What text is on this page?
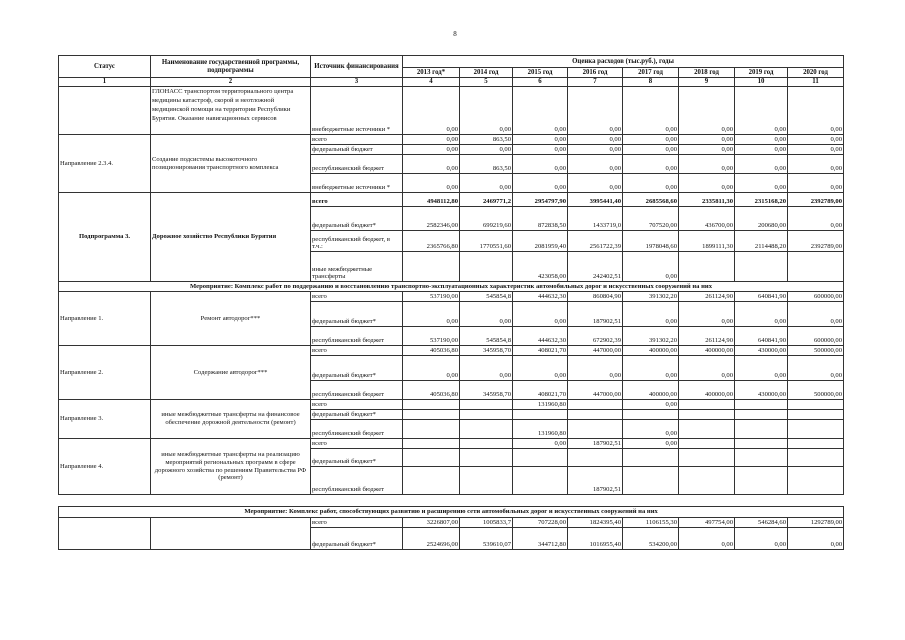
8
Статус	Наименование государственной программы, подпрограммы	Источник финансирования	Оценка расходов (тыс.руб.), годы							
			2013 год*	2014 год	2015 год	2016 год	2017 год	2018 год	2019 год	2020 год
1	2	3	4	5	6	7	8	9	10	11
	ГЛОНАСС транспортом территориального центра медицины катастроф, скорой и неотложной медицинской помощи на территории Республики Бурятия. Оказание навигационных сервисов	внебюджетные источники *	0,00	0,00	0,00	0,00	0,00	0,00	0,00	0,00
Направление 2.3.4.	Создание подсистемы высокоточного позиционирования транспортного комплекса	всего	0,00	863,50	0,00	0,00	0,00	0,00	0,00	0,00
		федеральный бюджет	0,00	0,00	0,00	0,00	0,00	0,00	0,00	0,00
		республиканский бюджет	0,00	863,50	0,00	0,00	0,00	0,00	0,00	0,00
		внебюджетные источники *	0,00	0,00	0,00	0,00	0,00	0,00	0,00	0,00
Подпрограмма 3.	Дорожное хозяйство Республики Бурятия	всего	4948112,80	2469771,2	2954797,90	3995441,40	2685568,60	2335811,30	2315168,20	2392789,00
		федеральный бюджет*	2582346,00	699219,60	872838,50	1433719,0	707520,00	436700,00	200680,00	0,00
		республиканский бюджет, в т.ч.:	2365766,80	1770551,60	2081959,40	2561722,39	1978048,60	1899111,30	2114488,20	2392789,00
		иные межбюджетные трансферты			423058,00	242402,51	0,00			
Мероприятие: Комплекс работ по поддержанию и восстановлению транспортно-эксплуатационных характеристик автомобильных дорог и искусственных сооружений на них										
Направление 1.	Ремонт автодорог***	всего	537190,00	545854,8	444632,30	860804,90	391302,20	261124,90	640841,90	600000,00
		федеральный бюджет*	0,00	0,00	0,00	187902,51	0,00	0,00	0,00	0,00
		республиканский бюджет	537190,00	545854,8	444632,30	672902,39	391302,20	261124,90	640841,90	600000,00
Направление 2.	Содержание автодорог***	всего	405036,80	345958,70	408021,70	447000,00	400000,00	400000,00	430000,00	500000,00
		федеральный бюджет*	0,00	0,00	0,00	0,00	0,00	0,00	0,00	0,00
		республиканский бюджет	405036,80	345958,70	408021,70	447000,00	400000,00	400000,00	430000,00	500000,00
Направление 3.	иные межбюджетные трансферты на финансовое обеспечение дорожной деятельности (ремонт)	всего			131960,80		0,00			
		федеральный бюджет*								
		республиканский бюджет			131960,80		0,00			
Направление 4.	иные межбюджетные трансферты на реализацию мероприятий региональных программ в сфере дорожного хозяйства по решениям Правительства РФ (ремонт)	всего			0,00	187902,51	0,00			
		федеральный бюджет*								
		республиканский бюджет				187902,51				
Мероприятие: Комплекс работ, способствующих развитию и расширению сети автомобильных дорог и искусственных сооружений на них										
		всего	3226807,00	1005833,7	707228,00	1824395,40	1106155,30	497754,00	546284,60	1292789,00
		федеральный бюджет*	2524696,00	539610,07	344712,80	1016955,40	534200,00	0,00	0,00	0,00
